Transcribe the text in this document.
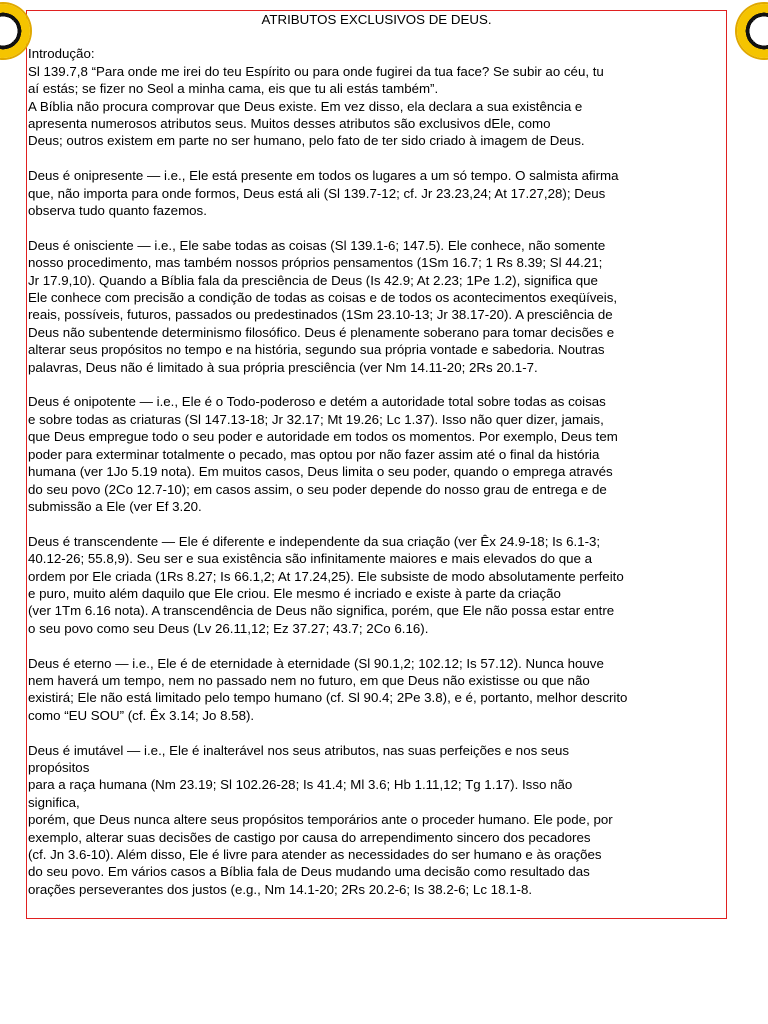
ATRIBUTOS EXCLUSIVOS DE DEUS.

Introdução:
Sl 139.7,8 “Para onde me irei do teu Espírito ou para onde fugirei da tua face? Se subir ao céu, tu
aí estás; se fizer no Seol a minha cama, eis que tu ali estás também”.
A Bíblia não procura comprovar que Deus existe. Em vez disso, ela declara a sua existência e
apresenta numerosos atributos seus. Muitos desses atributos são exclusivos dEle, como
Deus; outros existem em parte no ser humano, pelo fato de ter sido criado à imagem de Deus.

Deus é onipresente — i.e., Ele está presente em todos os lugares a um só tempo. O salmista afirma
que, não importa para onde formos, Deus está ali (Sl 139.7-12; cf. Jr 23.23,24; At 17.27,28); Deus
observa tudo quanto fazemos.

Deus é onisciente — i.e., Ele sabe todas as coisas (Sl 139.1-6; 147.5). Ele conhece, não somente
nosso procedimento, mas também nossos próprios pensamentos (1Sm 16.7; 1 Rs 8.39; Sl 44.21;
Jr 17.9,10). Quando a Bíblia fala da presciência de Deus (Is 42.9; At 2.23; 1Pe 1.2), significa que
Ele conhece com precisão a condição de todas as coisas e de todos os acontecimentos exeqüíveis,
reais, possíveis, futuros, passados ou predestinados (1Sm 23.10-13; Jr 38.17-20). A presciência de
Deus não subentende determinismo filosófico. Deus é plenamente soberano para tomar decisões e
alterar seus propósitos no tempo e na história, segundo sua própria vontade e sabedoria. Noutras
palavras, Deus não é limitado à sua própria presciência (ver Nm 14.11-20; 2Rs 20.1-7.

Deus é onipotente — i.e., Ele é o Todo-poderoso e detém a autoridade total sobre todas as coisas
e sobre todas as criaturas (Sl 147.13-18; Jr 32.17; Mt 19.26; Lc 1.37). Isso não quer dizer, jamais,
que Deus empregue todo o seu poder e autoridade em todos os momentos. Por exemplo, Deus tem
poder para exterminar totalmente o pecado, mas optou por não fazer assim até o final da história
humana (ver 1Jo 5.19 nota). Em muitos casos, Deus limita o seu poder, quando o emprega através
do seu povo (2Co 12.7-10); em casos assim, o seu poder depende do nosso grau de entrega e de
submissão a Ele (ver Ef 3.20.

Deus é transcendente — Ele é diferente e independente da sua criação (ver Êx 24.9-18; Is 6.1-3;
40.12-26; 55.8,9). Seu ser e sua existência são infinitamente maiores e mais elevados do que a
ordem por Ele criada (1Rs 8.27; Is 66.1,2; At 17.24,25). Ele subsiste de modo absolutamente perfeito
e puro, muito além daquilo que Ele criou. Ele mesmo é incriado e existe à parte da criação
(ver 1Tm 6.16 nota). A transcendência de Deus não significa, porém, que Ele não possa estar entre
o seu povo como seu Deus (Lv 26.11,12; Ez 37.27; 43.7; 2Co 6.16).

Deus é eterno — i.e., Ele é de eternidade à eternidade (Sl 90.1,2; 102.12; Is 57.12). Nunca houve
nem haverá um tempo, nem no passado nem no futuro, em que Deus não existisse ou que não
existirá; Ele não está limitado pelo tempo humano (cf. Sl 90.4; 2Pe 3.8), e é, portanto, melhor descrito
como “EU SOU” (cf. Êx 3.14; Jo 8.58).

Deus é imutável — i.e., Ele é inalterável nos seus atributos, nas suas perfeições e nos seus
propósitos
para a raça humana (Nm 23.19; Sl 102.26-28; Is 41.4; Ml 3.6; Hb 1.11,12; Tg 1.17). Isso não
significa,
porém, que Deus nunca altere seus propósitos temporários ante o proceder humano. Ele pode, por
exemplo, alterar suas decisões de castigo por causa do arrependimento sincero dos pecadores
(cf. Jn 3.6-10). Além disso, Ele é livre para atender as necessidades do ser humano e às orações
do seu povo. Em vários casos a Bíblia fala de Deus mudando uma decisão como resultado das
orações perseverantes dos justos (e.g., Nm 14.1-20; 2Rs 20.2-6; Is 38.2-6; Lc 18.1-8.
